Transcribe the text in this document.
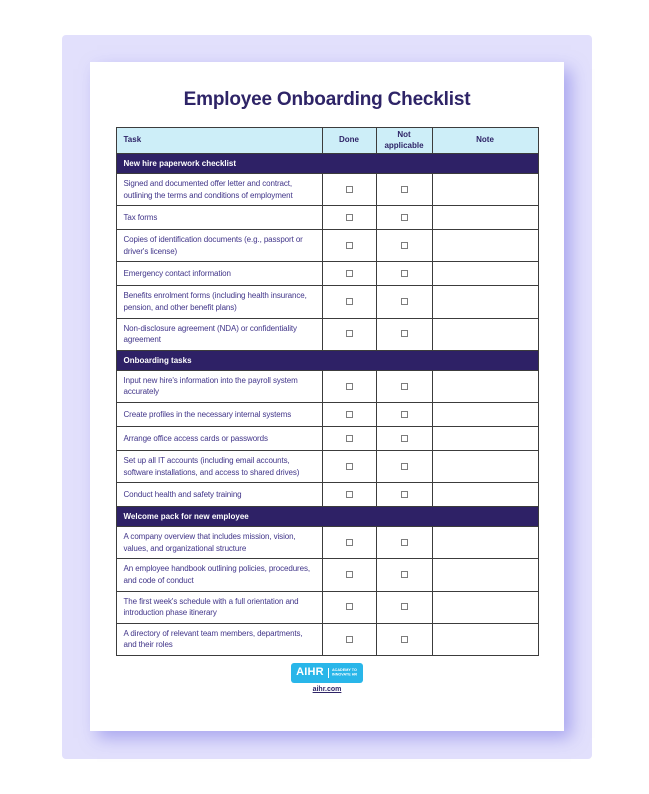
Employee Onboarding Checklist
Task	Done	Not applicable	Note
New hire paperwork checklist			
Signed and documented offer letter and contract, outlining the terms and conditions of employment			
Tax forms			
Copies of identification documents (e.g., passport or driver's license)			
Emergency contact information			
Benefits enrolment forms (including health insurance, pension, and other benefit plans)			
Non-disclosure agreement (NDA) or confidentiality agreement			
Onboarding tasks			
Input new hire's information into the payroll system accurately			
Create profiles in the necessary internal systems			
Arrange office access cards or passwords			
Set up all IT accounts (including email accounts, software installations, and access to shared drives)			
Conduct health and safety training			
Welcome pack for new employee			
A company overview that includes mission, vision, values, and organizational structure			
An employee handbook outlining policies, procedures, and code of conduct			
The first week's schedule with a full orientation and introduction phase itinerary			
A directory of relevant team members, departments, and their roles			
AIHR ACADEMY TO
INNOVATE HR
aihr.com
